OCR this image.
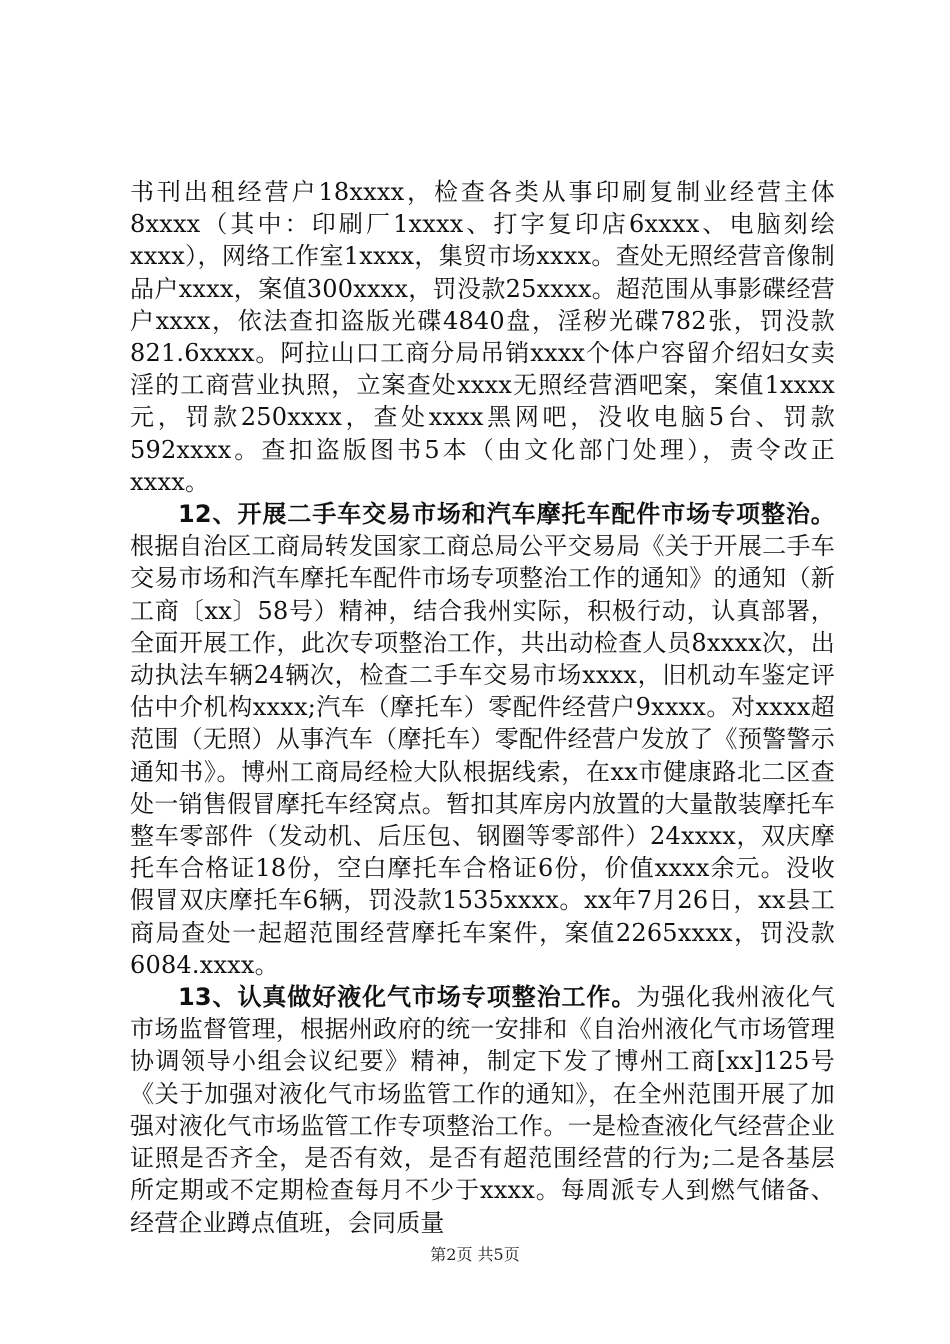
书刊出租经营户18xxxx，检查各类从事印刷复制业经营主体8xxxx（其中：印刷厂1xxxx、打字复印店6xxxx、电脑刻绘xxxx），网络工作室1xxxx，集贸市场xxxx。查处无照经营音像制品户xxxx，案值300xxxx，罚没款25xxxx。超范围从事影碟经营户xxxx，依法查扣盗版光碟4840盘，淫秽光碟782张，罚没款821.6xxxx。阿拉山口工商分局吊销xxxx个体户容留介绍妇女卖淫的工商营业执照，立案查处xxxx无照经营酒吧案，案值1xxxx元，罚款250xxxx，查处xxxx黑网吧，没收电脑5台、罚款592xxxx。查扣盗版图书5本（由文化部门处理），责令改正xxxx。

12、开展二手车交易市场和汽车摩托车配件市场专项整治。根据自治区工商局转发国家工商总局公平交易局《关于开展二手车交易市场和汽车摩托车配件市场专项整治工作的通知》的通知（新工商〔xx〕58号）精神，结合我州实际，积极行动，认真部署，全面开展工作，此次专项整治工作，共出动检查人员8xxxx次，出动执法车辆24辆次，检查二手车交易市场xxxx，旧机动车鉴定评估中介机构xxxx;汽车（摩托车）零配件经营户9xxxx。对xxxx超范围（无照）从事汽车（摩托车）零配件经营户发放了《预警警示通知书》。博州工商局经检大队根据线索，在xx市健康路北二区查处一销售假冒摩托车经窝点。暂扣其库房内放置的大量散装摩托车整车零部件（发动机、后压包、钢圈等零部件）24xxxx，双庆摩托车合格证18份，空白摩托车合格证6份，价值xxxx余元。没收假冒双庆摩托车6辆，罚没款1535xxxx。xx年7月26日，xx县工商局查处一起超范围经营摩托车案件，案值2265xxxx，罚没款6084.xxxx。

13、认真做好液化气市场专项整治工作。为强化我州液化气市场监督管理，根据州政府的统一安排和《自治州液化气市场管理协调领导小组会议纪要》精神，制定下发了博州工商[xx]125号《关于加强对液化气市场监管工作的通知》，在全州范围开展了加强对液化气市场监管工作专项整治工作。一是检查液化气经营企业证照是否齐全，是否有效，是否有超范围经营的行为;二是各基层所定期或不定期检查每月不少于xxxx。每周派专人到燃气储备、经营企业蹲点值班，会同质量

第2页 共5页
